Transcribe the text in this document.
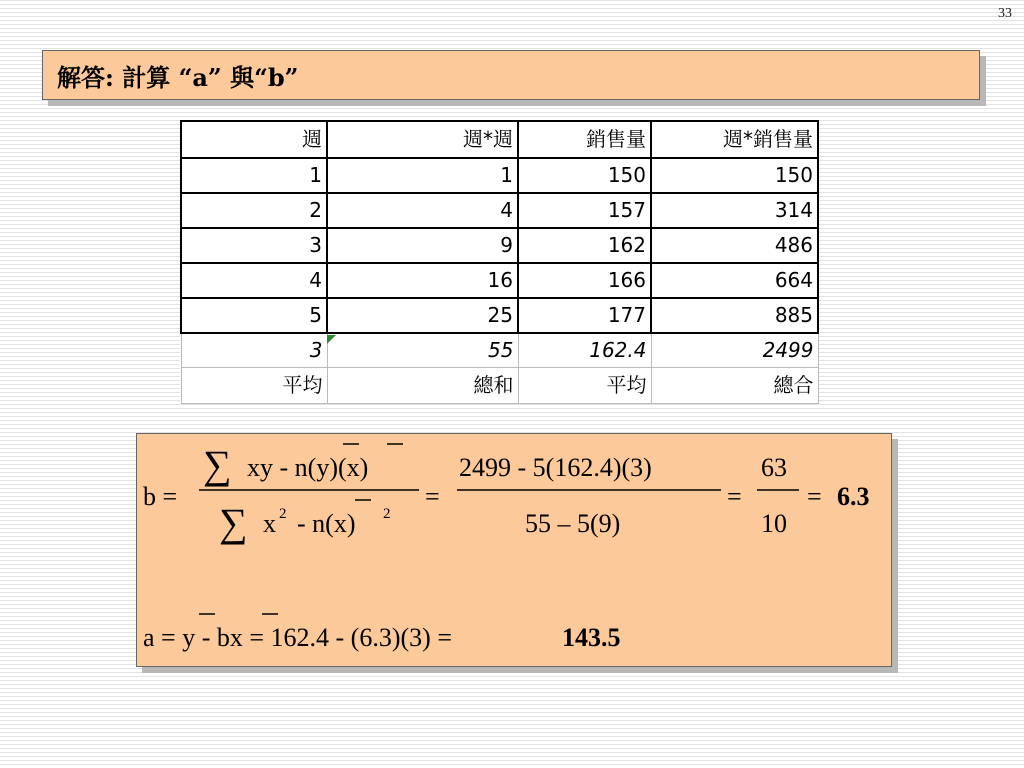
33
解答: 計算 “a” 與“b”
週	週*週	銷售量	週*銷售量
1	1	150	150
2	4	157	314
3	9	162	486
4	16	166	664
5	25	177	885
3	55	162.4	2499
平均	總和	平均	總合
b =
∑ xy - n(y)(x)
∑ x 2 - n(x) 2
=
2499 - 5(162.4)(3)
55 – 5(9)
=
63
10
= 6.3
a = y - bx = 162.4 - (6.3)(3) =	143.5
